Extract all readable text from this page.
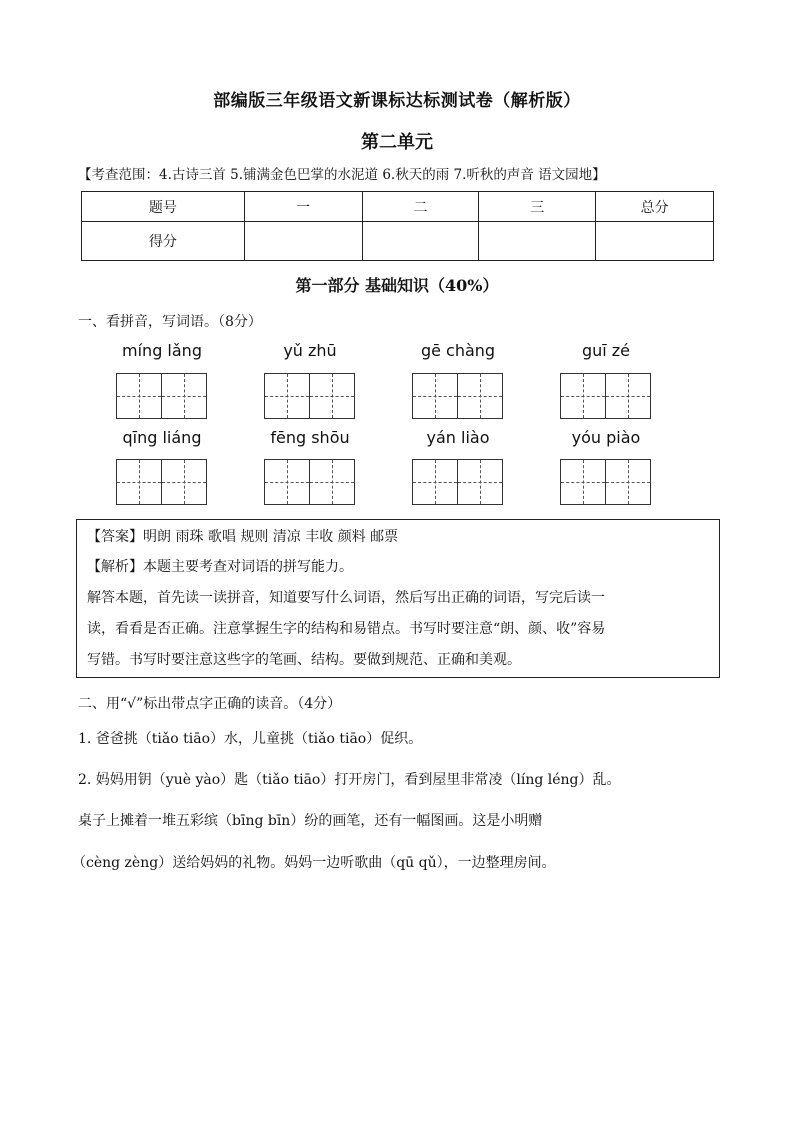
部编版三年级语文新课标达标测试卷（解析版）
第二单元
【考查范围：4.古诗三首 5.铺满金色巴掌的水泥道 6.秋天的雨 7.听秋的声音 语文园地】
题号	一	二	三	总分
得分				
第一部分 基础知识（40%）
一、看拼音，写词语。（8分）
míng lǎng	yǔ zhū	gē chàng	guī zé
qīng liáng	fēng shōu	yán liào	yóu piào
【答案】明朗 雨珠 歌唱 规则 清凉 丰收 颜料 邮票
【解析】本题主要考查对词语的拼写能力。
解答本题，首先读一读拼音，知道要写什么词语，然后写出正确的词语，写完后读一
读，看看是否正确。注意掌握生字的结构和易错点。书写时要注意“朗、颜、收”容易
写错。书写时要注意这些字的笔画、结构。要做到规范、正确和美观。
二、用“√”标出带点字正确的读音。（4分）
1. 爸爸挑（tiǎo tiāo）水，儿童挑（tiǎo tiāo）促织。
2. 妈妈用钥（yuè yào）匙（tiǎo tiāo）打开房门，看到屋里非常凌（líng léng）乱。
桌子上摊着一堆五彩缤（bīng bīn）纷的画笔，还有一幅图画。这是小明赠
（cèng zèng）送给妈妈的礼物。妈妈一边听歌曲（qū qǔ），一边整理房间。
